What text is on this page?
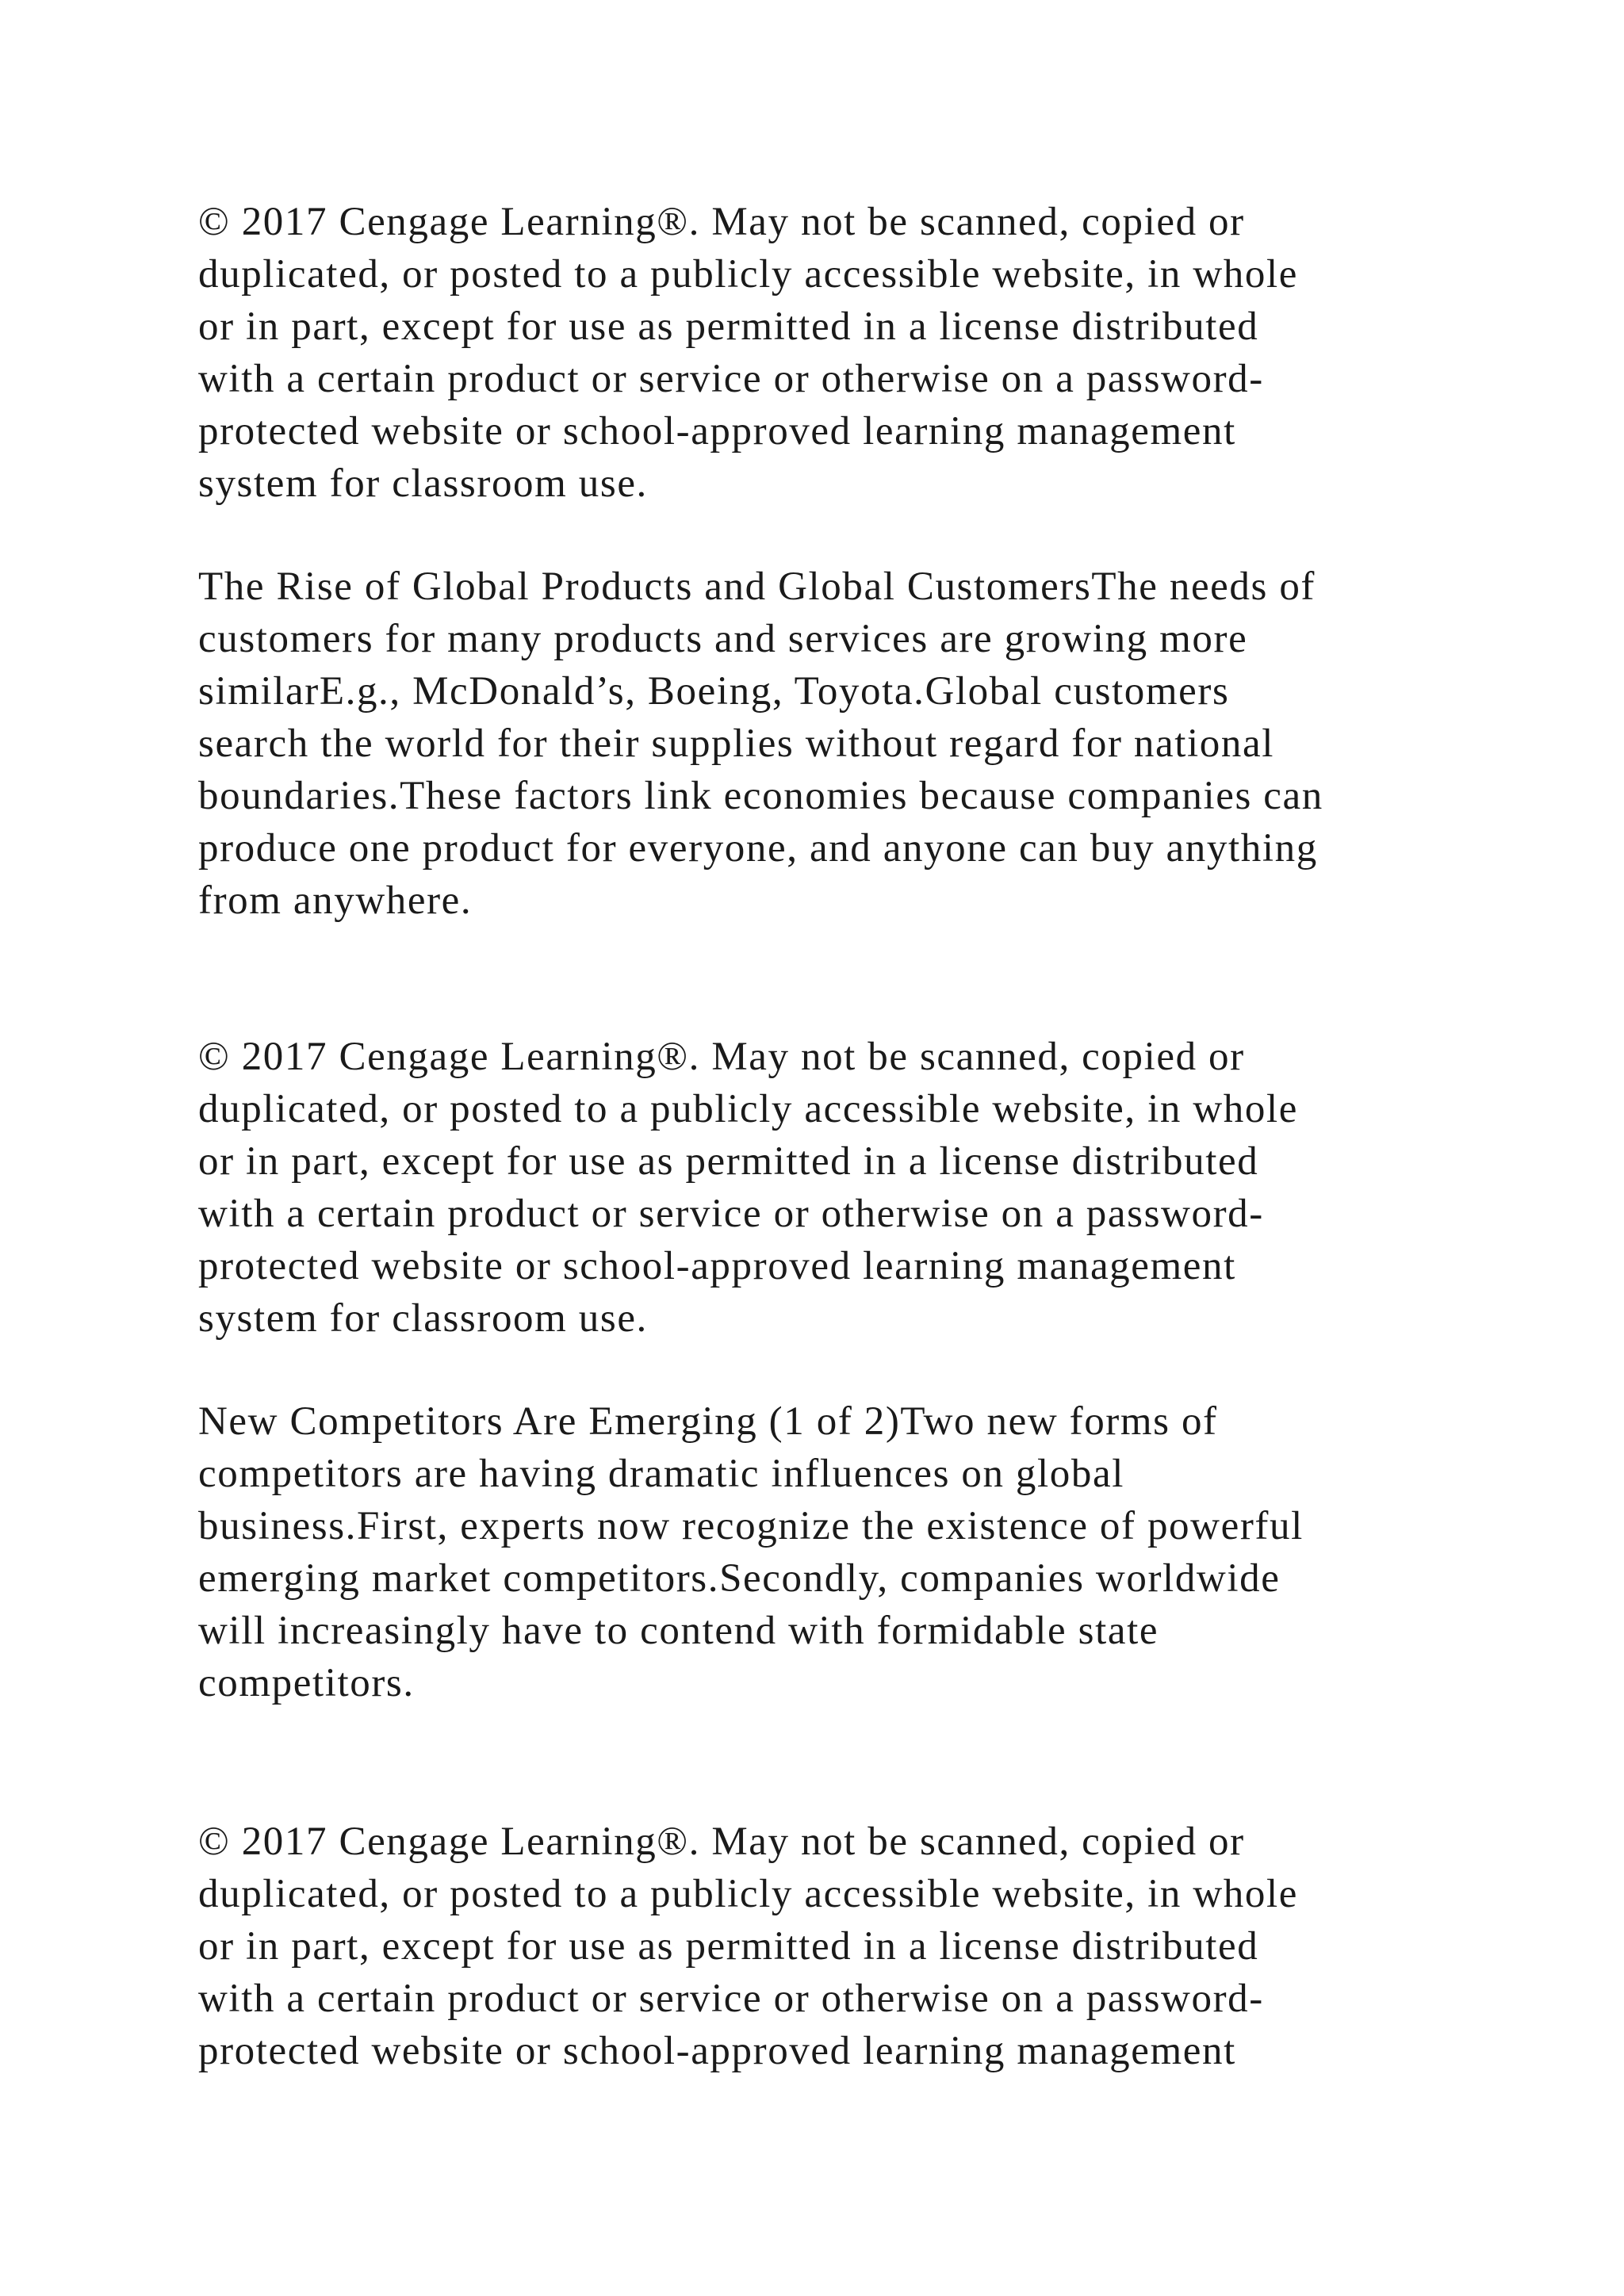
© 2017 Cengage Learning®. May not be scanned, copied or
duplicated, or posted to a publicly accessible website, in whole
or in part, except for use as permitted in a license distributed
with a certain product or service or otherwise on a password-
protected website or school-approved learning management
system for classroom use.

The Rise of Global Products and Global CustomersThe needs of
customers for many products and services are growing more
similarE.g., McDonald’s, Boeing, Toyota.Global customers
search the world for their supplies without regard for national
boundaries.These factors link economies because companies can
produce one product for everyone, and anyone can buy anything
from anywhere.

© 2017 Cengage Learning®. May not be scanned, copied or
duplicated, or posted to a publicly accessible website, in whole
or in part, except for use as permitted in a license distributed
with a certain product or service or otherwise on a password-
protected website or school-approved learning management
system for classroom use.

New Competitors Are Emerging (1 of 2)Two new forms of
competitors are having dramatic influences on global
business.First, experts now recognize the existence of powerful
emerging market competitors.Secondly, companies worldwide
will increasingly have to contend with formidable state
competitors.

© 2017 Cengage Learning®. May not be scanned, copied or
duplicated, or posted to a publicly accessible website, in whole
or in part, except for use as permitted in a license distributed
with a certain product or service or otherwise on a password-
protected website or school-approved learning management
